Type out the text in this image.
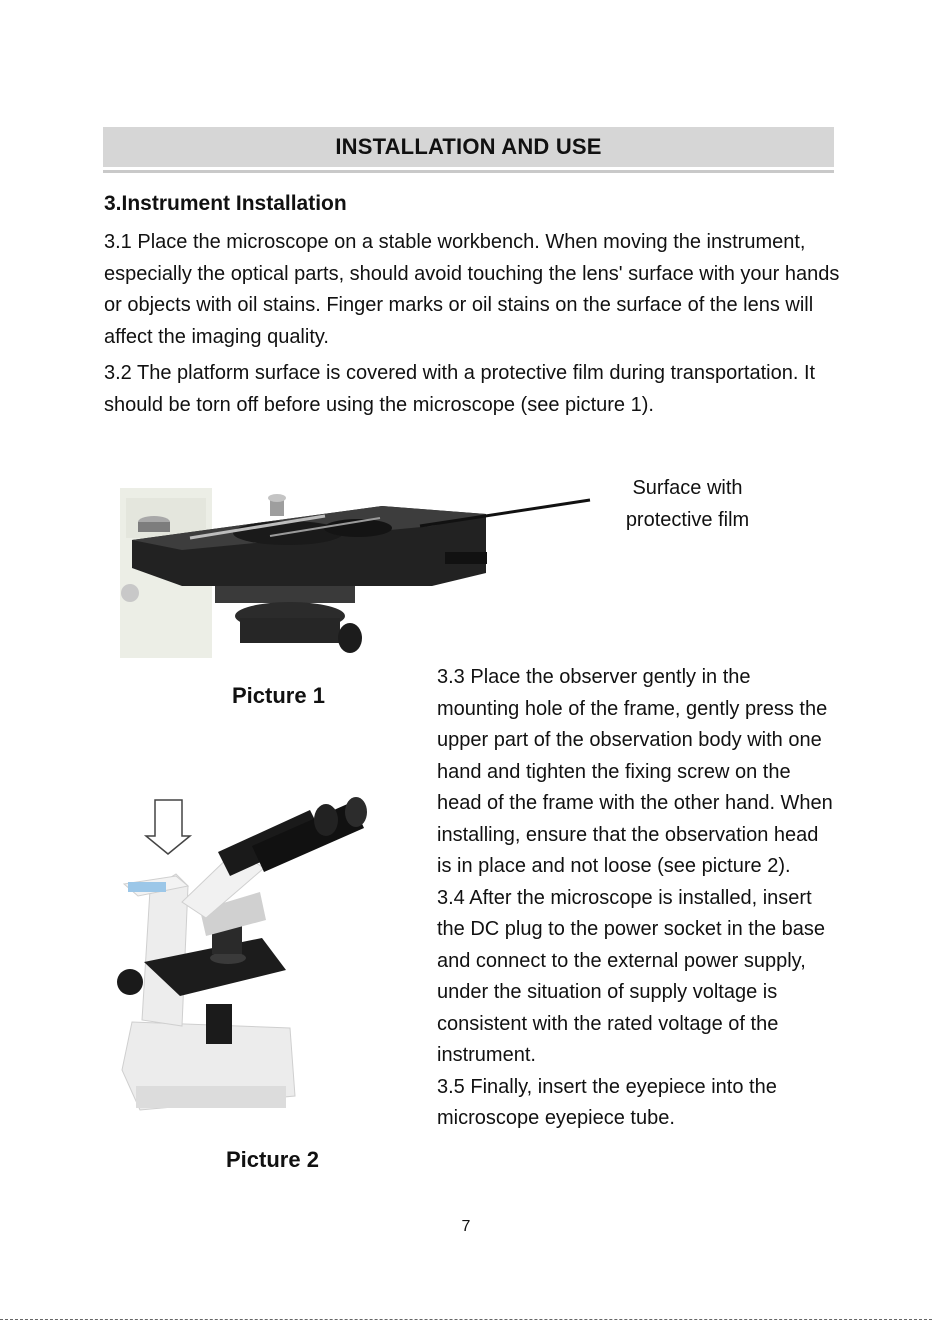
INSTALLATION AND USE
3.Instrument Installation

3.1 Place the microscope on a stable workbench. When moving the instrument, especially the optical parts, should avoid touching the lens' surface with your hands or objects with oil stains. Finger marks or oil stains on the surface of the lens will affect the imaging quality.

3.2 The platform surface is covered with a protective film during transportation. It should be torn off before using the microscope (see picture 1).

Surface with
protective film
Picture 1
Picture 2

3.3 Place the observer gently in the mounting hole of the frame, gently press the upper part of the observation body with one hand and tighten the fixing screw on the head of the frame with the other hand. When installing, ensure that the observation head is in place and not loose (see picture 2).

3.4 After the microscope is installed, insert the DC plug to the power socket in the base and connect to the external power supply, under the situation of supply voltage is consistent with the rated voltage of the instrument.

3.5 Finally, insert the eyepiece into the microscope eyepiece tube.

7
